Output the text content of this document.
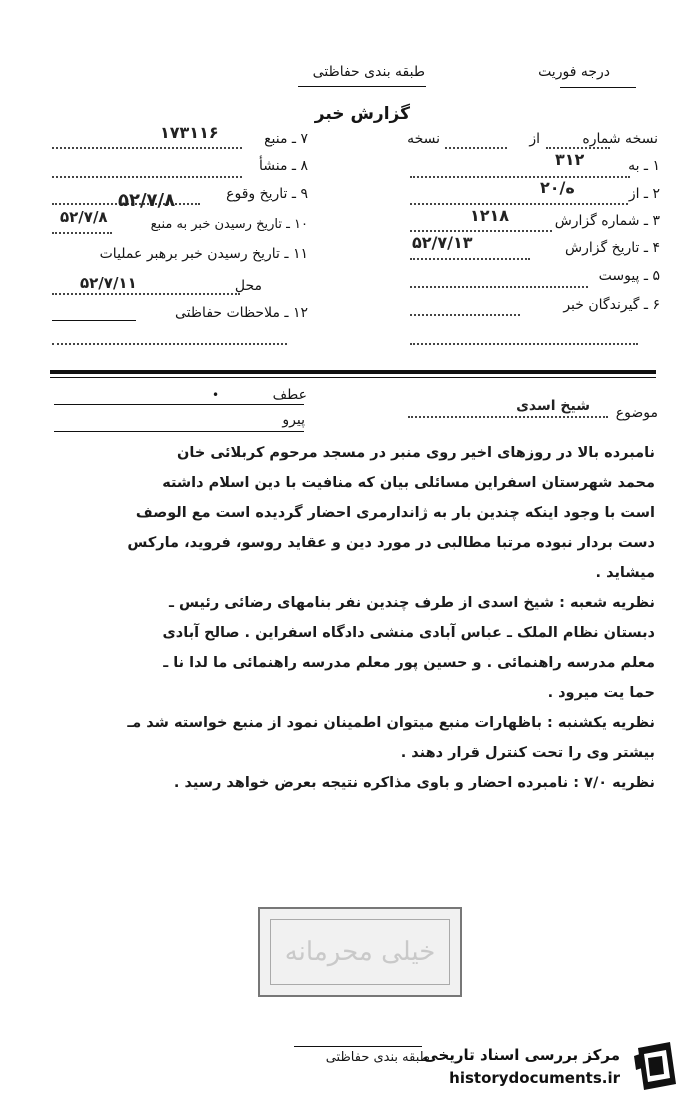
درجه فوریت
طبقه بندی حفاظتی
گزارش خبر
نسخه شماره
از
نسخه
۱ ـ به
۳۱۲
۲ ـ از
۲۰/ه
۳ ـ شماره گزارش
۱۲۱۸
۴ ـ تاریخ گزارش
۵۲/۷/۱۳
۵ ـ پیوست
۶ ـ گیرندگان خبر
۷ ـ منبع
۱۷۳۱۱۶
۸ ـ منشأ
۹ ـ تاریخ وقوع
۵۲/۷/۸
۱۰ ـ تاریخ رسیدن خبر به منبع
۵۲/۷/۸
۱۱ ـ تاریخ رسیدن خبر برهبر عملیات
محل
۵۲/۷/۱۱
۱۲ ـ ملاحظات حفاظتی
عطف
•
پیرو	موضوع
شیخ اسدی
نامبرده بالا در روزهای اخیر روی منبر در مسجد مرحوم کربلائی خان
محمد شهرستان اسفراین مسائلی بیان که منافیت با دین اسلام داشته
است با وجود اینکه چندین بار به ژاندارمری احضار گردیده است مع الوصف
دست بردار نبوده مرتبا مطالبی در مورد دین و عقاید روسو، فروید، مارکس
میشاید .
نظریه شعبه : شیخ اسدی از طرف چندین نفر بنامهای رضائی رئیس ـ
دبستان نظام الملک ـ عباس آبادی منشی دادگاه اسفراین . صالح آبادی
معلم مدرسه راهنمائی . و حسین پور معلم مدرسه راهنمائی ما لدا نا ـ
حما یت میرود .
نظریه یکشنبه : باظهارات منبع میتوان اطمینان نمود از منبع خواسته شد مـ
بیشتر وی را تحت کنترل قرار دهند .
نظریه ۷/۰ : نامبرده احضار و باوی مذاکره نتیجه بعرض خواهد رسید .
خیلی محرمانه
طبقه بندی حفاظتی
مرکز بررسی اسناد تاریخی
historydocuments.ir
